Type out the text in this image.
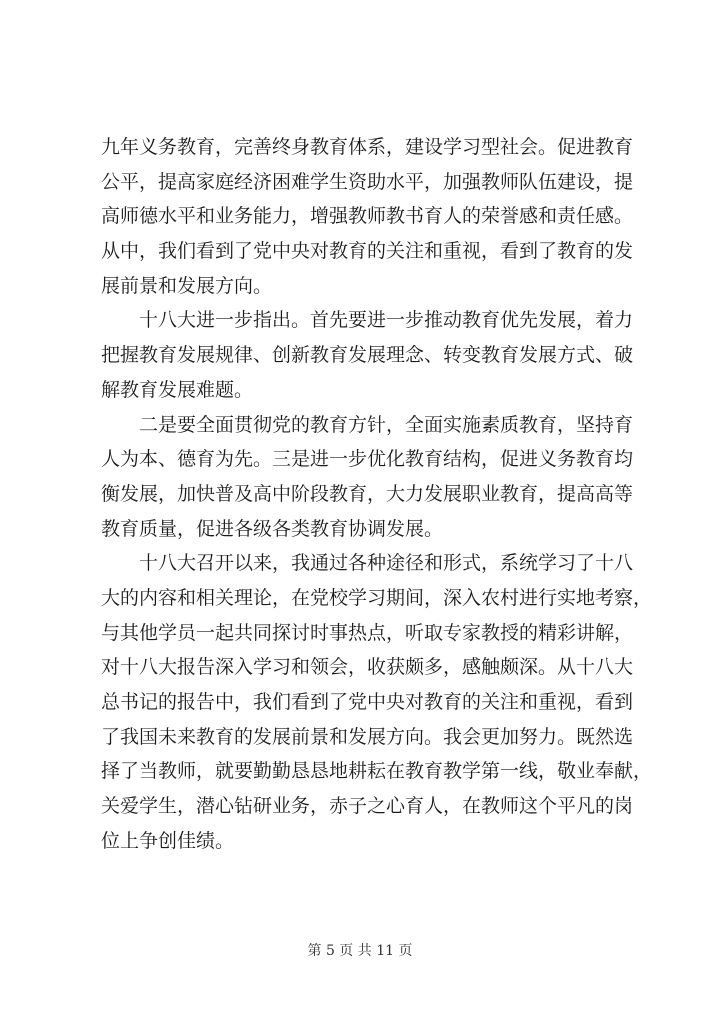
九年义务教育，完善终身教育体系，建设学习型社会。促进教育
公平，提高家庭经济困难学生资助水平，加强教师队伍建设，提
高师德水平和业务能力，增强教师教书育人的荣誉感和责任感。
从中，我们看到了党中央对教育的关注和重视，看到了教育的发
展前景和发展方向。
十八大进一步指出。首先要进一步推动教育优先发展，着力
把握教育发展规律、创新教育发展理念、转变教育发展方式、破
解教育发展难题。
二是要全面贯彻党的教育方针，全面实施素质教育，坚持育
人为本、德育为先。三是进一步优化教育结构，促进义务教育均
衡发展，加快普及高中阶段教育，大力发展职业教育，提高高等
教育质量，促进各级各类教育协调发展。
十八大召开以来，我通过各种途径和形式，系统学习了十八
大的内容和相关理论，在党校学习期间，深入农村进行实地考察，
与其他学员一起共同探讨时事热点，听取专家教授的精彩讲解，
对十八大报告深入学习和领会，收获颇多，感触颇深。从十八大
总书记的报告中，我们看到了党中央对教育的关注和重视，看到
了我国未来教育的发展前景和发展方向。我会更加努力。既然选
择了当教师，就要勤勤恳恳地耕耘在教育教学第一线，敬业奉献，
关爱学生，潜心钻研业务，赤子之心育人，在教师这个平凡的岗
位上争创佳绩。
第 5 页 共 11 页
